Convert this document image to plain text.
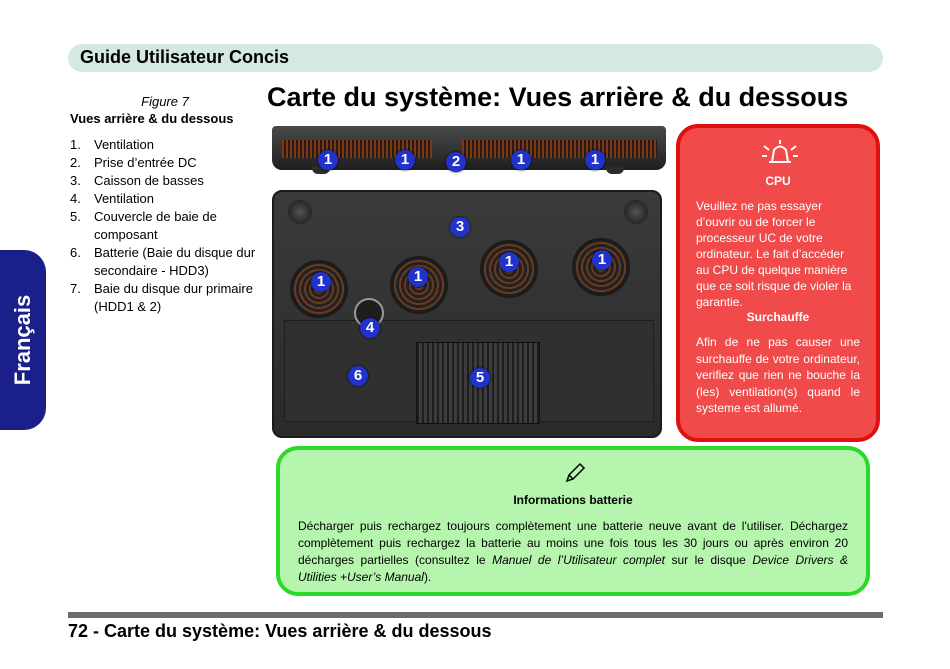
Guide Utilisateur Concis
Français
Figure 7
Vues arrière & du dessous
1.	Ventilation
2.	Prise d’entrée DC
3.	Caisson de basses
4.	Ventilation
5.	Couvercle de baie de composant
6.	Batterie (Baie du disque dur secondaire - HDD3)
7.	Baie du disque dur primaire (HDD1 & 2)
Carte du système: Vues arrière & du dessous
1	1	2	1	1
3
1	1
1	1
4
6	5
CPU
Veuillez ne pas essayer d’ouvrir ou de forcer le processeur UC de votre ordinateur. Le fait d’accéder au CPU de quelque manière que ce soit risque de violer la garantie.
Surchauffe
Afin de ne pas causer une surchauffe de votre ordinateur, verifiez que rien ne bouche la (les) ventilation(s) quand le systeme est allumé.
Informations batterie
Décharger puis rechargez toujours complètement une batterie neuve avant de l'utiliser. Déchargez complètement puis rechargez la batterie au moins une fois tous les 30 jours ou après environ 20 décharges partielles (consultez le Manuel de l’Utilisateur complet sur le disque Device Drivers & Utilities +User’s Manual).
72 - Carte du système: Vues arrière & du dessous
